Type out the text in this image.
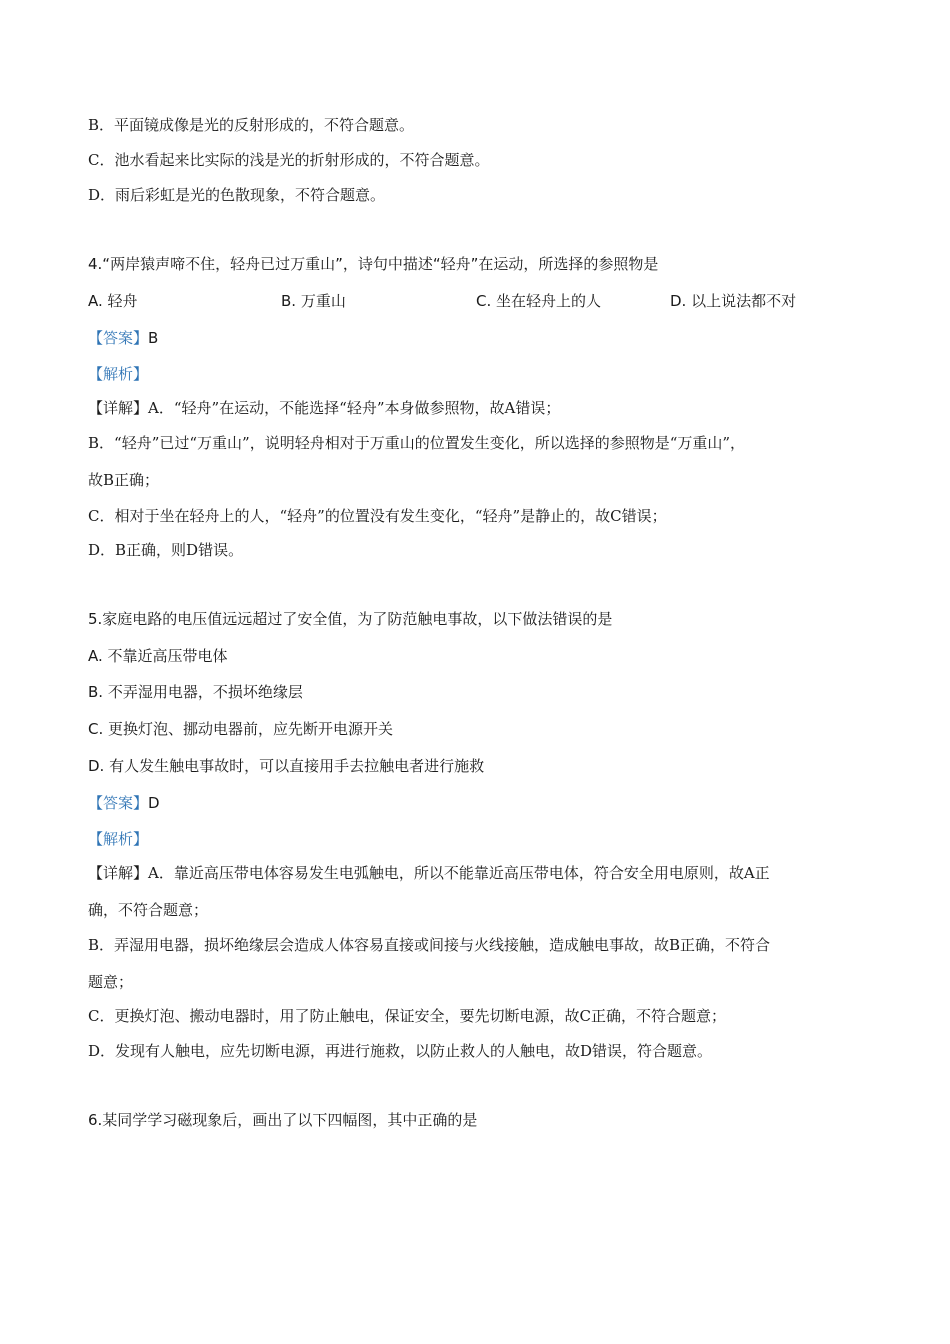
B．平面镜成像是光的反射形成的，不符合题意。
C．池水看起来比实际的浅是光的折射形成的，不符合题意。
D．雨后彩虹是光的色散现象，不符合题意。
4.“两岸猿声啼不住，轻舟已过万重山”，诗句中描述“轻舟”在运动，所选择的参照物是
A. 轻舟	B. 万重山	C. 坐在轻舟上的人	D. 以上说法都不对
【答案】B
【解析】
【详解】A．“轻舟”在运动，不能选择“轻舟”本身做参照物，故A错误；
B．“轻舟”已过“万重山”，说明轻舟相对于万重山的位置发生变化，所以选择的参照物是“万重山”，
故B正确；
C．相对于坐在轻舟上的人，“轻舟”的位置没有发生变化，“轻舟”是静止的，故C错误；
D．B正确，则D错误。
5.家庭电路的电压值远远超过了安全值，为了防范触电事故，以下做法错误的是
A. 不靠近高压带电体
B. 不弄湿用电器，不损坏绝缘层
C. 更换灯泡、挪动电器前，应先断开电源开关
D. 有人发生触电事故时，可以直接用手去拉触电者进行施救
【答案】D
【解析】
【详解】A．靠近高压带电体容易发生电弧触电，所以不能靠近高压带电体，符合安全用电原则，故A正
确，不符合题意；
B．弄湿用电器，损坏绝缘层会造成人体容易直接或间接与火线接触，造成触电事故，故B正确，不符合
题意；
C．更换灯泡、搬动电器时，用了防止触电，保证安全，要先切断电源，故C正确，不符合题意；
D．发现有人触电，应先切断电源，再进行施救，以防止救人的人触电，故D错误，符合题意。
6.某同学学习磁现象后，画出了以下四幅图，其中正确的是
